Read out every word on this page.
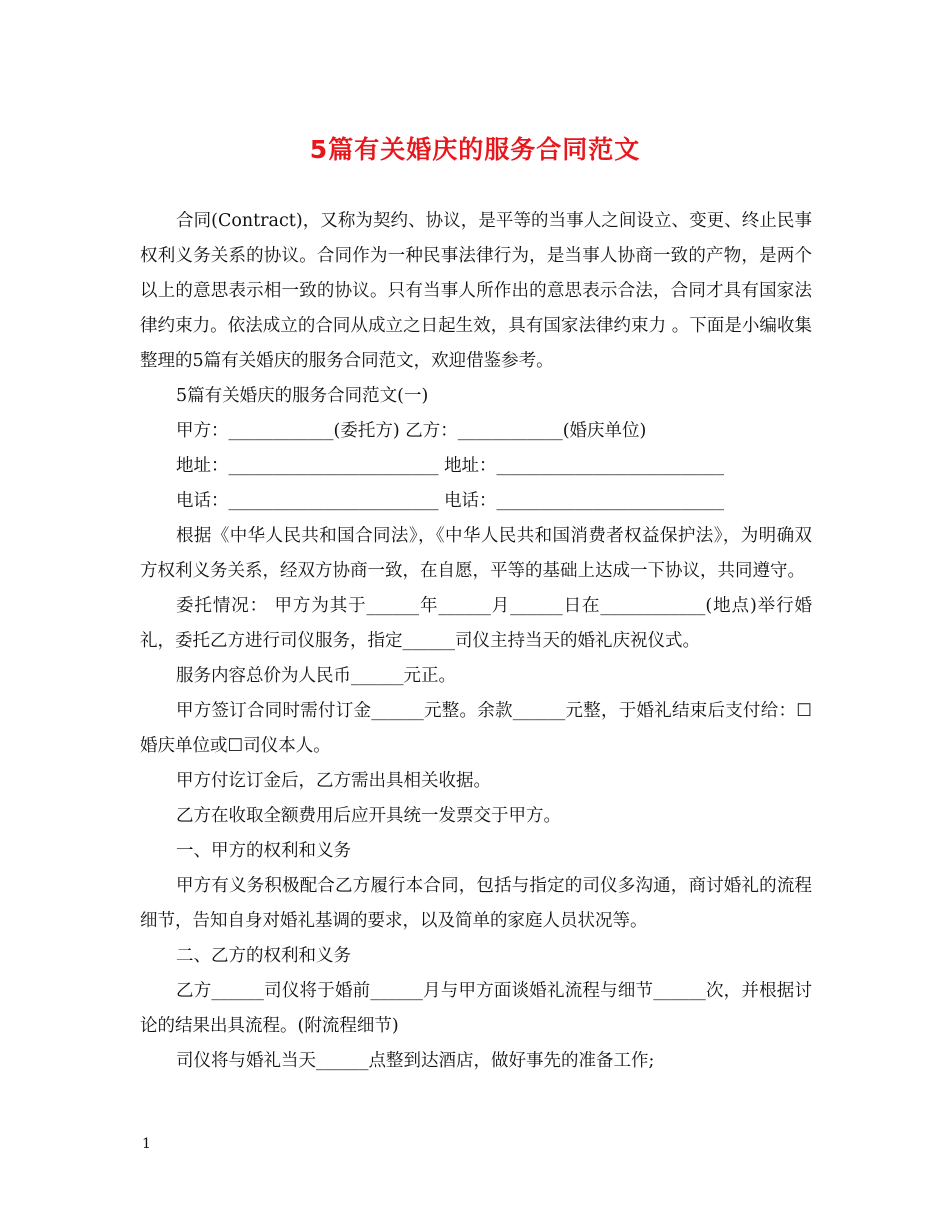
5篇有关婚庆的服务合同范文

合同(Contract)，又称为契约、协议，是平等的当事人之间设立、变更、终止民事权利义务关系的协议。合同作为一种民事法律行为，是当事人协商一致的产物，是两个以上的意思表示相一致的协议。只有当事人所作出的意思表示合法，合同才具有国家法律约束力。依法成立的合同从成立之日起生效，具有国家法律约束力 。下面是小编收集整理的5篇有关婚庆的服务合同范文，欢迎借鉴参考。

5篇有关婚庆的服务合同范文(一)

甲方：____________(委托方) 乙方：____________(婚庆单位)

地址：________________________ 地址：__________________________

电话：________________________ 电话：__________________________

根据《中华人民共和国合同法》，《中华人民共和国消费者权益保护法》，为明确双方权利义务关系，经双方协商一致，在自愿，平等的基础上达成一下协议，共同遵守。

委托情况： 甲方为其于______年______月______日在____________(地点)举行婚礼，委托乙方进行司仪服务，指定______司仪主持当天的婚礼庆祝仪式。

服务内容总价为人民币______元正。

甲方签订合同时需付订金______元整。余款______元整，于婚礼结束后支付给：☐婚庆单位或☐司仪本人。

甲方付讫订金后，乙方需出具相关收据。

乙方在收取全额费用后应开具统一发票交于甲方。

一、甲方的权利和义务

甲方有义务积极配合乙方履行本合同，包括与指定的司仪多沟通，商讨婚礼的流程细节，告知自身对婚礼基调的要求，以及简单的家庭人员状况等。

二、乙方的权利和义务

乙方______司仪将于婚前______月与甲方面谈婚礼流程与细节______次，并根据讨论的结果出具流程。(附流程细节)

司仪将与婚礼当天______点整到达酒店，做好事先的准备工作;

1
